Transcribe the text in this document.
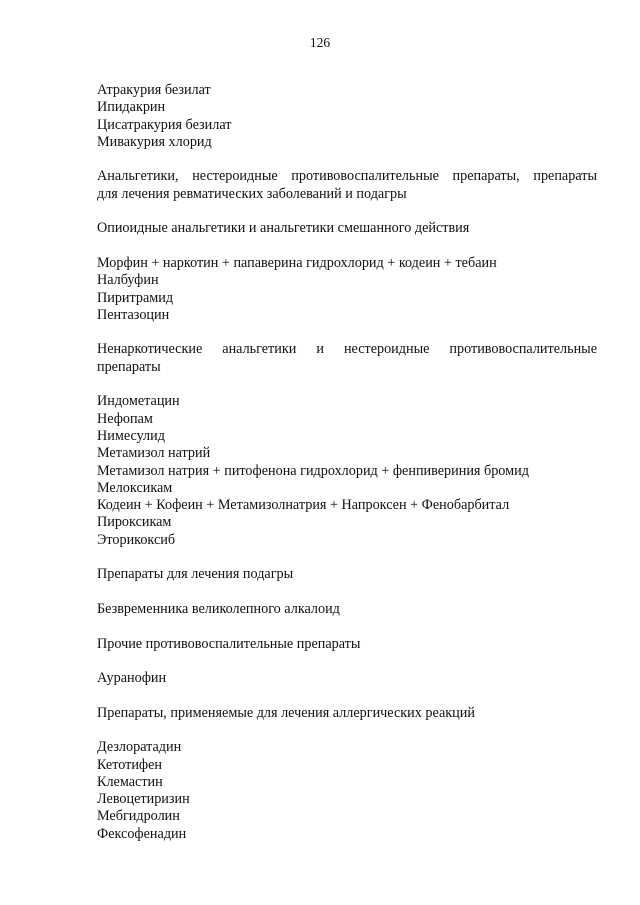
126
Атракурия безилат
Ипидакрин
Цисатракурия безилат
Мивакурия хлорид
Анальгетики, нестероидные противовоспалительные препараты, препараты
для лечения ревматических заболеваний и подагры
Опиоидные анальгетики и анальгетики смешанного действия
Морфин + наркотин + папаверина гидрохлорид + кодеин + тебаин
Налбуфин
Пиритрамид
Пентазоцин
Ненаркотические анальгетики и нестероидные противовоспалительные
препараты
Индометацин
Нефопам
Нимесулид
Метамизол натрий
Метамизол натрия + питофенона гидрохлорид + фенпивериния бромид
Мелоксикам
Кодеин + Кофеин + Метамизолнатрия + Напроксен + Фенобарбитал
Пироксикам
Эторикоксиб
Препараты для лечения подагры
Безвременника великолепного алкалоид
Прочие противовоспалительные препараты
Ауранофин
Препараты, применяемые для лечения аллергических реакций
Дезлоратадин
Кетотифен
Клемастин
Левоцетиризин
Мебгидролин
Фексофенадин
